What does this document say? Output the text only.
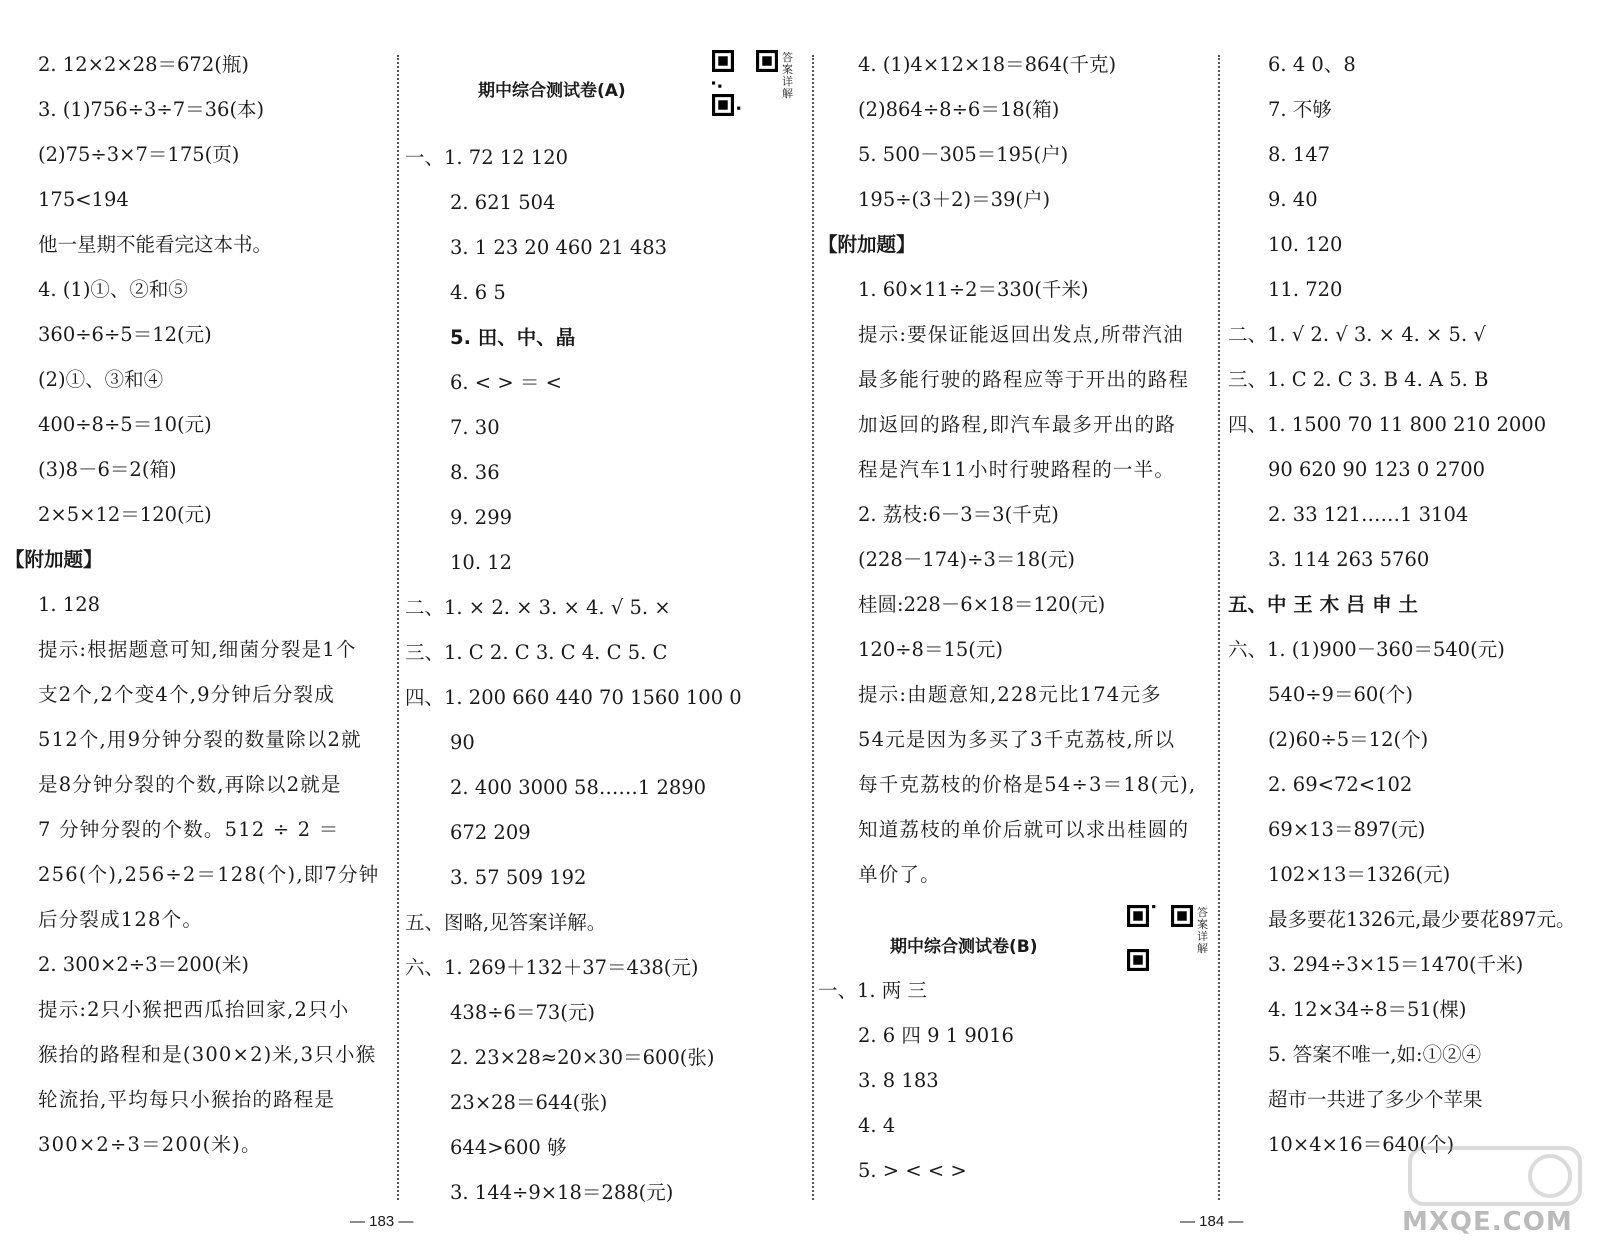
2. 12×2×28＝672(瓶)
3. (1)756÷3÷7＝36(本)
(2)75÷3×7＝175(页)
175<194
他一星期不能看完这本书。
4. (1)①、②和⑤
360÷6÷5＝12(元)
(2)①、③和④
400÷8÷5＝10(元)
(3)8－6＝2(箱)
2×5×12＝120(元)
【附加题】
1. 128
提示:根据题意可知,细菌分裂是1个
支2个,2个变4个,9分钟后分裂成
512个,用9分钟分裂的数量除以2就
是8分钟分裂的个数,再除以2就是
7 分钟分裂的个数。512 ÷ 2 ＝
256(个),256÷2＝128(个),即7分钟
后分裂成128个。
2. 300×2÷3＝200(米)
提示:2只小猴把西瓜抬回家,2只小
猴抬的路程和是(300×2)米,3只小猴
轮流抬,平均每只小猴抬的路程是
300×2÷3＝200(米)。
期中综合测试卷(A)
答案详解
一、1. 72 12 120
2. 621 504
3. 1 23 20 460 21 483
4. 6 5
5. 田、中、晶
6. < > ＝ <
7. 30
8. 36
9. 299
10. 12
二、1. × 2. × 3. × 4. √ 5. ×
三、1. C 2. C 3. C 4. C 5. C
四、1. 200 660 440 70 1560 100 0
90
2. 400 3000 58……1 2890
672 209
3. 57 509 192
五、图略,见答案详解。
六、1. 269＋132＋37＝438(元)
438÷6＝73(元)
2. 23×28≈20×30＝600(张)
23×28＝644(张)
644>600 够
3. 144÷9×18＝288(元)
4. (1)4×12×18＝864(千克)
(2)864÷8÷6＝18(箱)
5. 500－305＝195(户)
195÷(3＋2)＝39(户)
【附加题】
1. 60×11÷2＝330(千米)
提示:要保证能返回出发点,所带汽油
最多能行驶的路程应等于开出的路程
加返回的路程,即汽车最多开出的路
程是汽车11小时行驶路程的一半。
2. 荔枝:6－3＝3(千克)
(228－174)÷3＝18(元)
桂圆:228－6×18＝120(元)
120÷8＝15(元)
提示:由题意知,228元比174元多
54元是因为多买了3千克荔枝,所以
每千克荔枝的价格是54÷3＝18(元),
知道荔枝的单价后就可以求出桂圆的
单价了。
一、1. 两 三
2. 6 四 9 1 9016
3. 8 183
4. 4
5. > < < >
期中综合测试卷(B)
答案详解
6. 4 0、8
7. 不够
8. 147
9. 40
10. 120
11. 720
二、1. √ 2. √ 3. × 4. × 5. √
三、1. C 2. C 3. B 4. A 5. B
四、1. 1500 70 11 800 210 2000
90 620 90 123 0 2700
2. 33 121……1 3104
3. 114 263 5760
五、中 王 木 吕 申 土
六、1. (1)900－360＝540(元)
540÷9＝60(个)
(2)60÷5＝12(个)
2. 69<72<102
69×13＝897(元)
102×13＝1326(元)
最多要花1326元,最少要花897元。
3. 294÷3×15＝1470(千米)
4. 12×34÷8＝51(棵)
5. 答案不唯一,如:①②④
超市一共进了多少个苹果
10×4×16＝640(个)
— 183 —	— 184 —	MXQE.COM
